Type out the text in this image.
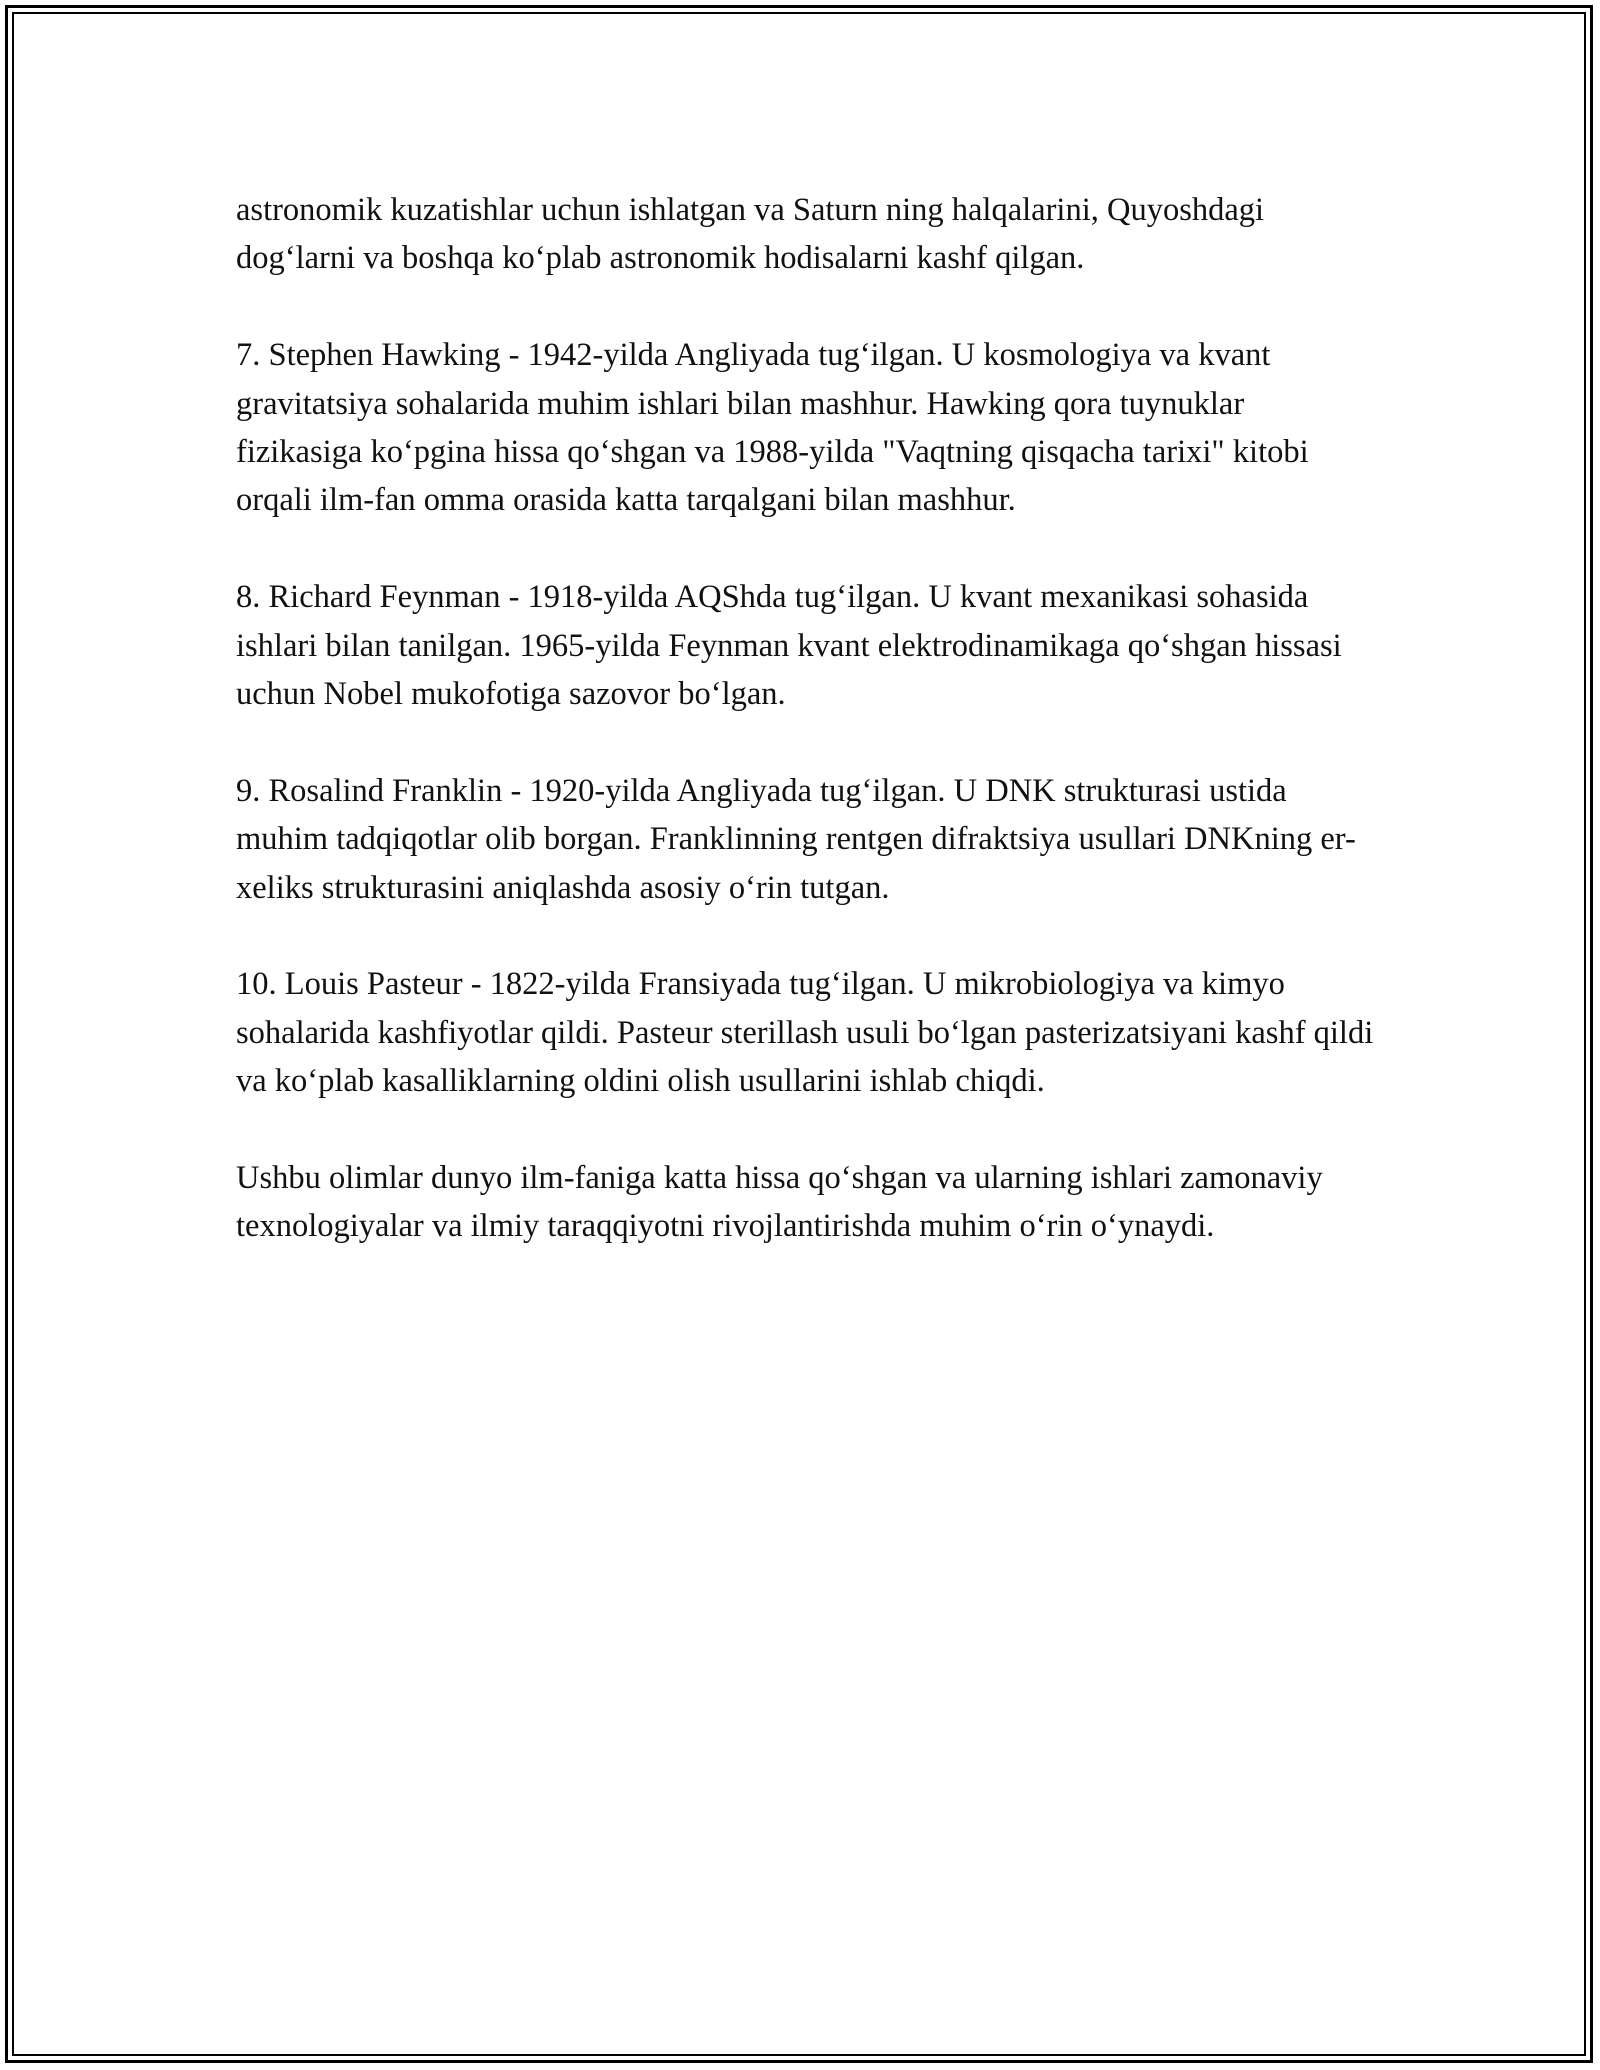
astronomik kuzatishlar uchun ishlatgan va Saturn ning halqalarini, Quyoshdagi dog‘larni va boshqa ko‘plab astronomik hodisalarni kashf qilgan.

7. Stephen Hawking - 1942-yilda Angliyada tug‘ilgan. U kosmologiya va kvant gravitatsiya sohalarida muhim ishlari bilan mashhur. Hawking qora tuynuklar fizikasiga ko‘pgina hissa qo‘shgan va 1988-yilda "Vaqtning qisqacha tarixi" kitobi orqali ilm-fan omma orasida katta tarqalgani bilan mashhur.

8. Richard Feynman - 1918-yilda AQShda tug‘ilgan. U kvant mexanikasi sohasida ishlari bilan tanilgan. 1965-yilda Feynman kvant elektrodinamikaga qo‘shgan hissasi uchun Nobel mukofotiga sazovor bo‘lgan.

9. Rosalind Franklin - 1920-yilda Angliyada tug‘ilgan. U DNK strukturasi ustida muhim tadqiqotlar olib borgan. Franklinning rentgen difraktsiya usullari DNKning er-xeliks strukturasini aniqlashda asosiy o‘rin tutgan.

10. Louis Pasteur - 1822-yilda Fransiyada tug‘ilgan. U mikrobiologiya va kimyo sohalarida kashfiyotlar qildi. Pasteur sterillash usuli bo‘lgan pasterizatsiyani kashf qildi va ko‘plab kasalliklarning oldini olish usullarini ishlab chiqdi.

Ushbu olimlar dunyo ilm-faniga katta hissa qo‘shgan va ularning ishlari zamonaviy texnologiyalar va ilmiy taraqqiyotni rivojlantirishda muhim o‘rin o‘ynaydi.
